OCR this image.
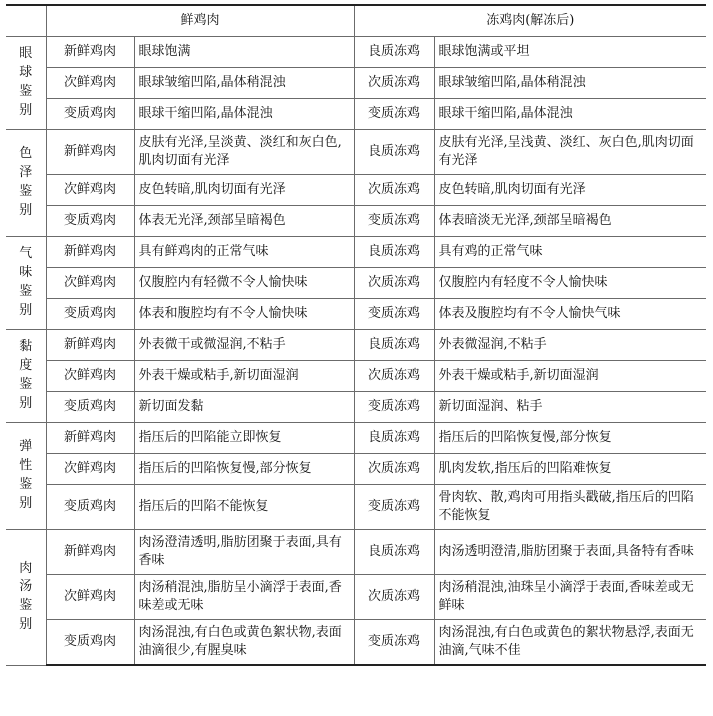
	鲜鸡肉		冻鸡肉(解冻后)	

眼球鉴别	新鲜鸡肉	眼球饱满	良质冻鸡	眼球饱满或平坦
	次鲜鸡肉	眼球皱缩凹陷,晶体稍混浊	次质冻鸡	眼球皱缩凹陷,晶体稍混浊
	变质鸡肉	眼球干缩凹陷,晶体混浊	变质冻鸡	眼球干缩凹陷,晶体混浊

色泽鉴别	新鲜鸡肉	皮肤有光泽,呈淡黄、淡红和灰白色,肌肉切面有光泽	良质冻鸡	皮肤有光泽,呈浅黄、淡红、灰白色,肌肉切面有光泽
	次鲜鸡肉	皮色转暗,肌肉切面有光泽	次质冻鸡	皮色转暗,肌肉切面有光泽
	变质鸡肉	体表无光泽,颈部呈暗褐色	变质冻鸡	体表暗淡无光泽,颈部呈暗褐色

气味鉴别	新鲜鸡肉	具有鲜鸡肉的正常气味	良质冻鸡	具有鸡的正常气味
	次鲜鸡肉	仅腹腔内有轻微不令人愉快味	次质冻鸡	仅腹腔内有轻度不令人愉快味
	变质鸡肉	体表和腹腔均有不令人愉快味	变质冻鸡	体表及腹腔均有不令人愉快气味

黏度鉴别	新鲜鸡肉	外表微干或微湿润,不粘手	良质冻鸡	外表微湿润,不粘手
	次鲜鸡肉	外表干燥或粘手,新切面湿润	次质冻鸡	外表干燥或粘手,新切面湿润
	变质鸡肉	新切面发黏	变质冻鸡	新切面湿润、粘手

弹性鉴别	新鲜鸡肉	指压后的凹陷能立即恢复	良质冻鸡	指压后的凹陷恢复慢,部分恢复
	次鲜鸡肉	指压后的凹陷恢复慢,部分恢复	次质冻鸡	肌肉发软,指压后的凹陷难恢复
	变质鸡肉	指压后的凹陷不能恢复	变质冻鸡	骨肉软、散,鸡肉可用指头戳破,指压后的凹陷不能恢复

肉汤鉴别	新鲜鸡肉	肉汤澄清透明,脂肪团聚于表面,具有香味	良质冻鸡	肉汤透明澄清,脂肪团聚于表面,具备特有香味
	次鲜鸡肉	肉汤稍混浊,脂肪呈小滴浮于表面,香味差或无味	次质冻鸡	肉汤稍混浊,油珠呈小滴浮于表面,香味差或无鲜味
	变质鸡肉	肉汤混浊,有白色或黄色絮状物,表面油滴很少,有腥臭味	变质冻鸡	肉汤混浊,有白色或黄色的絮状物悬浮,表面无油滴,气味不佳
